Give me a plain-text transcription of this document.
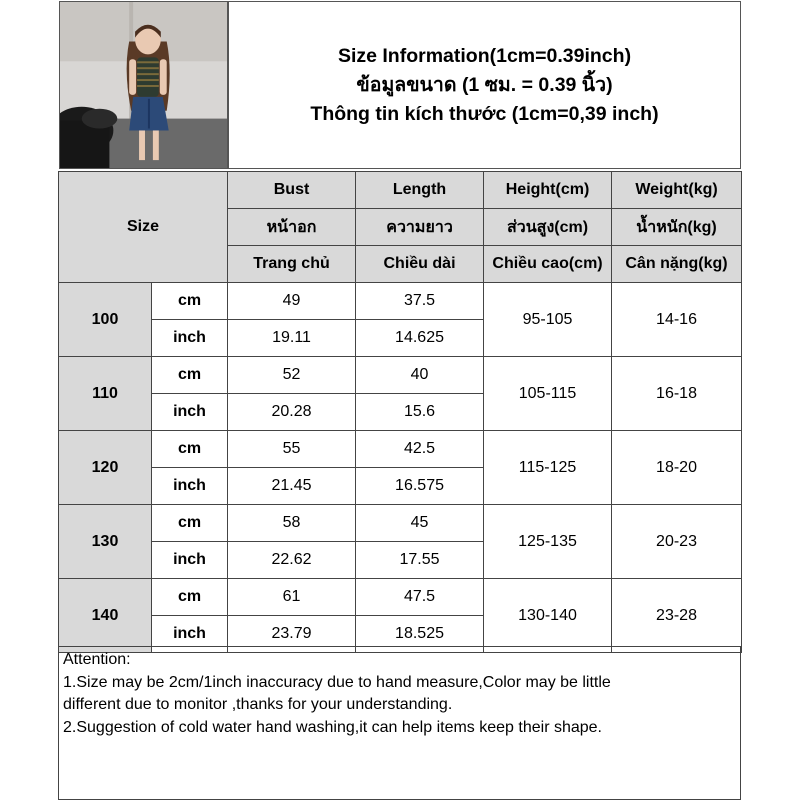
Size Information(1cm=0.39inch)
ข้อมูลขนาด (1 ซม. = 0.39 นิ้ว)
Thông tin kích thước (1cm=0,39 inch)
Size		Bust	Length	Height(cm)	Weight(kg)
		หน้าอก	ความยาว	ส่วนสูง(cm)	น้ำหนัก(kg)
		Trang chủ	Chiều dài	Chiều cao(cm)	Cân nặng(kg)
100	cm	49	37.5	95-105	14-16
	inch	19.11	14.625		
110	cm	52	40	105-115	16-18
	inch	20.28	15.6		
120	cm	55	42.5	115-125	18-20
	inch	21.45	16.575		
130	cm	58	45	125-135	20-23
	inch	22.62	17.55		
140	cm	61	47.5	130-140	23-28
	inch	23.79	18.525		
Attention:
1.Size may be 2cm/1inch inaccuracy due to hand measure,Color may be little
different due to monitor ,thanks for your understanding.
2.Suggestion of cold water hand washing,it can help items keep their shape.
